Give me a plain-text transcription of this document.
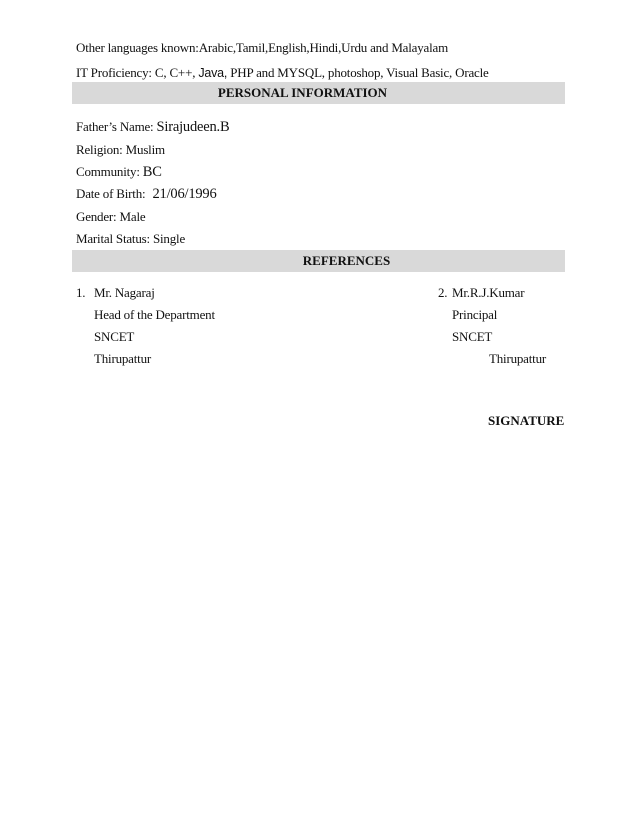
Other languages known:Arabic,Tamil,English,Hindi,Urdu and Malayalam
IT Proficiency: C, C++, Java, PHP and MYSQL, photoshop, Visual Basic, Oracle
PERSONAL INFORMATION
Father’s Name: Sirajudeen.B
Religion: Muslim
Community: BC
Date of Birth: 21/06/1996
Gender: Male
Marital Status: Single
REFERENCES
1. Mr. Nagaraj
Head of the Department
SNCET
Thirupattur
2. Mr.R.J.Kumar
Principal
SNCET
Thirupattur
SIGNATURE
